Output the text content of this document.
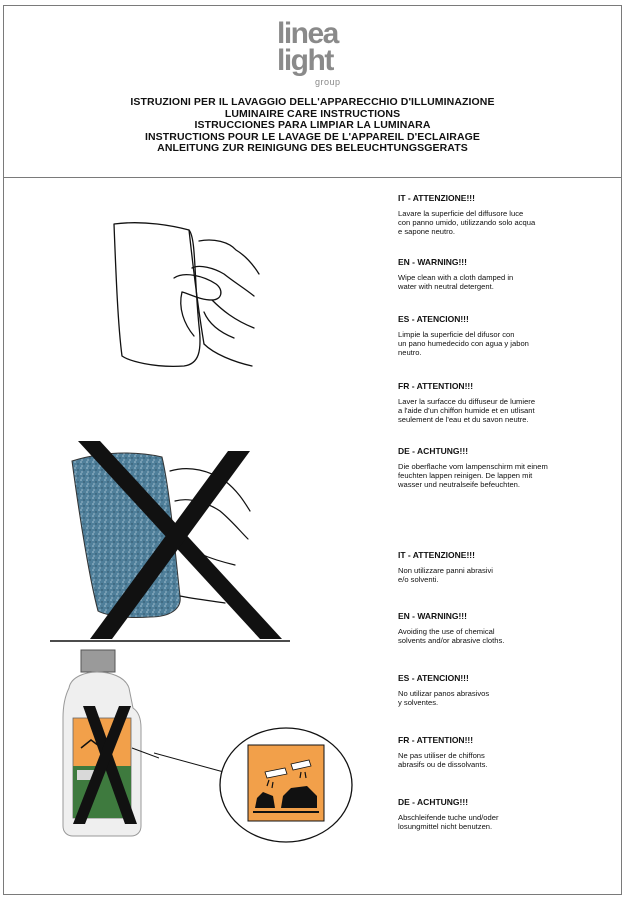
linea
light
group
ISTRUZIONI PER IL LAVAGGIO DELL'APPARECCHIO D'ILLUMINAZIONE
LUMINAIRE CARE INSTRUCTIONS
ISTRUCCIONES PARA LIMPIAR LA LUMINARA
INSTRUCTIONS POUR LE LAVAGE DE L'APPAREIL D'ECLAIRAGE
ANLEITUNG ZUR REINIGUNG DES BELEUCHTUNGSGERATS
IT - ATTENZIONE!!!
Lavare la superficie del diffusore luce
con panno umido, utilizzando solo acqua
e sapone neutro.
EN - WARNING!!!
Wipe clean with a cloth damped in
water with neutral detergent.
ES - ATENCION!!!
Limpie la superficie del difusor con
un pano humedecido con agua y jabon
neutro.
FR - ATTENTION!!!
Laver la surfacce du diffuseur de lumiere
a l'aide d'un chiffon humide et en utlisant
seulement de l'eau et du savon neutre.
DE - ACHTUNG!!!
Die oberflache vom lampenschirm mit einem
feuchten lappen reinigen. De lappen mit
wasser und neutralseife befeuchten.
IT - ATTENZIONE!!!
Non utilizzare panni abrasivi
e/o solventi.
EN - WARNING!!!
Avoiding the use of chemical
solvents and/or abrasive cloths.
ES - ATENCION!!!
No utilizar panos abrasivos
y solventes.
FR - ATTENTION!!!
Ne pas utiliser de chiffons
abrasifs ou de dissolvants.
DE - ACHTUNG!!!
Abschleifende tuche und/oder
losungmittel nicht benutzen.
